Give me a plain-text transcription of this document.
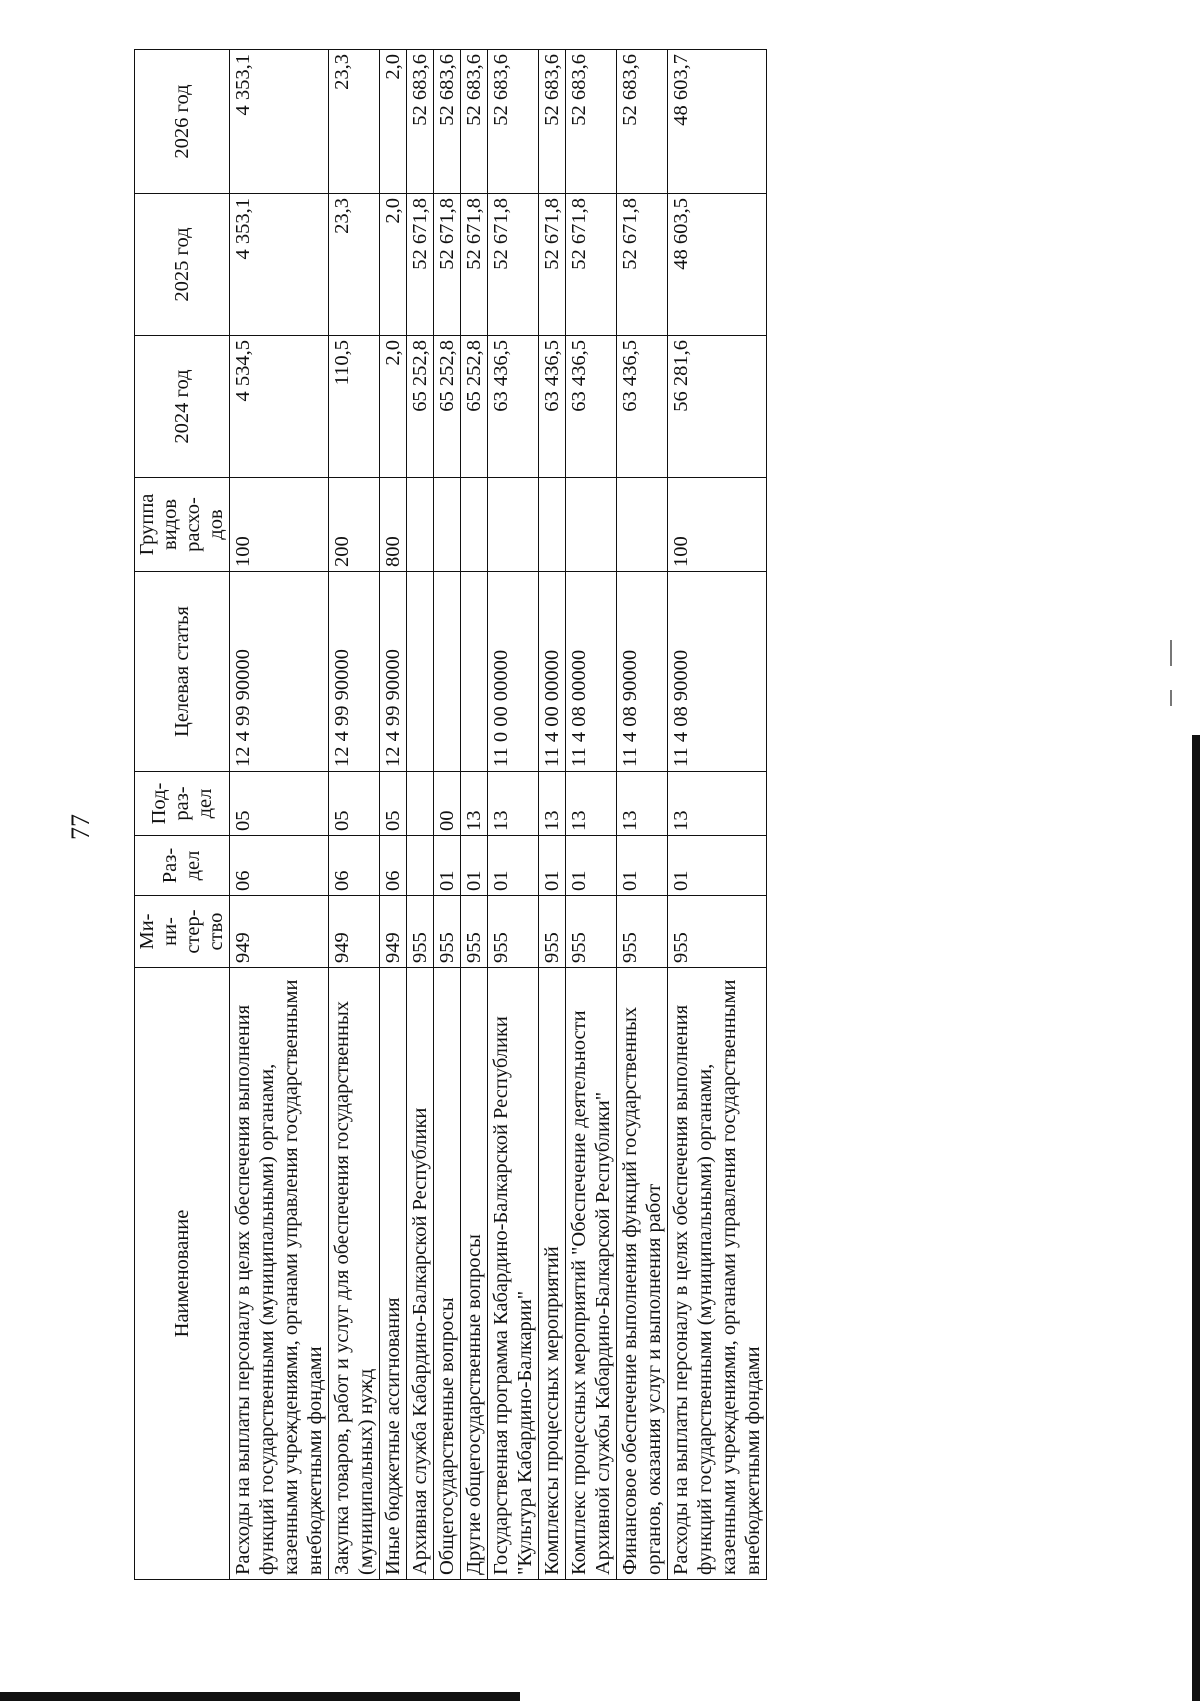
77
Наименование	Ми-
ни-
стер-
ство	Раз-
дел	Под-
раз-
дел	Целевая статья	Группа
видов
расхо-
дов	2024 год	2025 год	2026 год
Расходы на выплаты персоналу в целях обеспечения выполнения функций государственными (муниципальными) органами, казенными учреждениями, органами управления государственными внебюджетными фондами	949	06	05	12 4 99 90000	100	4 534,5	4 353,1	4 353,1
Закупка товаров, работ и услуг для обеспечения государственных (муниципальных) нужд	949	06	05	12 4 99 90000	200	110,5	23,3	23,3
Иные бюджетные ассигнования	949	06	05	12 4 99 90000	800	2,0	2,0	2,0
Архивная служба Кабардино-Балкарской Республики	955					65 252,8	52 671,8	52 683,6
Общегосударственные вопросы	955	01	00			65 252,8	52 671,8	52 683,6
Другие общегосударственные вопросы	955	01	13			65 252,8	52 671,8	52 683,6
Государственная программа Кабардино-Балкарской Республики "Культура Кабардино-Балкарии"	955	01	13	11 0 00 00000		63 436,5	52 671,8	52 683,6
Комплексы процессных мероприятий	955	01	13	11 4 00 00000		63 436,5	52 671,8	52 683,6
Комплекс процессных мероприятий "Обеспечение деятельности Архивной службы Кабардино-Балкарской Республики"	955	01	13	11 4 08 00000		63 436,5	52 671,8	52 683,6
Финансовое обеспечение выполнения функций государственных органов, оказания услуг и выполнения работ	955	01	13	11 4 08 90000		63 436,5	52 671,8	52 683,6
Расходы на выплаты персоналу в целях обеспечения выполнения функций государственными (муниципальными) органами, казенными учреждениями, органами управления государственными внебюджетными фондами	955	01	13	11 4 08 90000	100	56 281,6	48 603,5	48 603,7
